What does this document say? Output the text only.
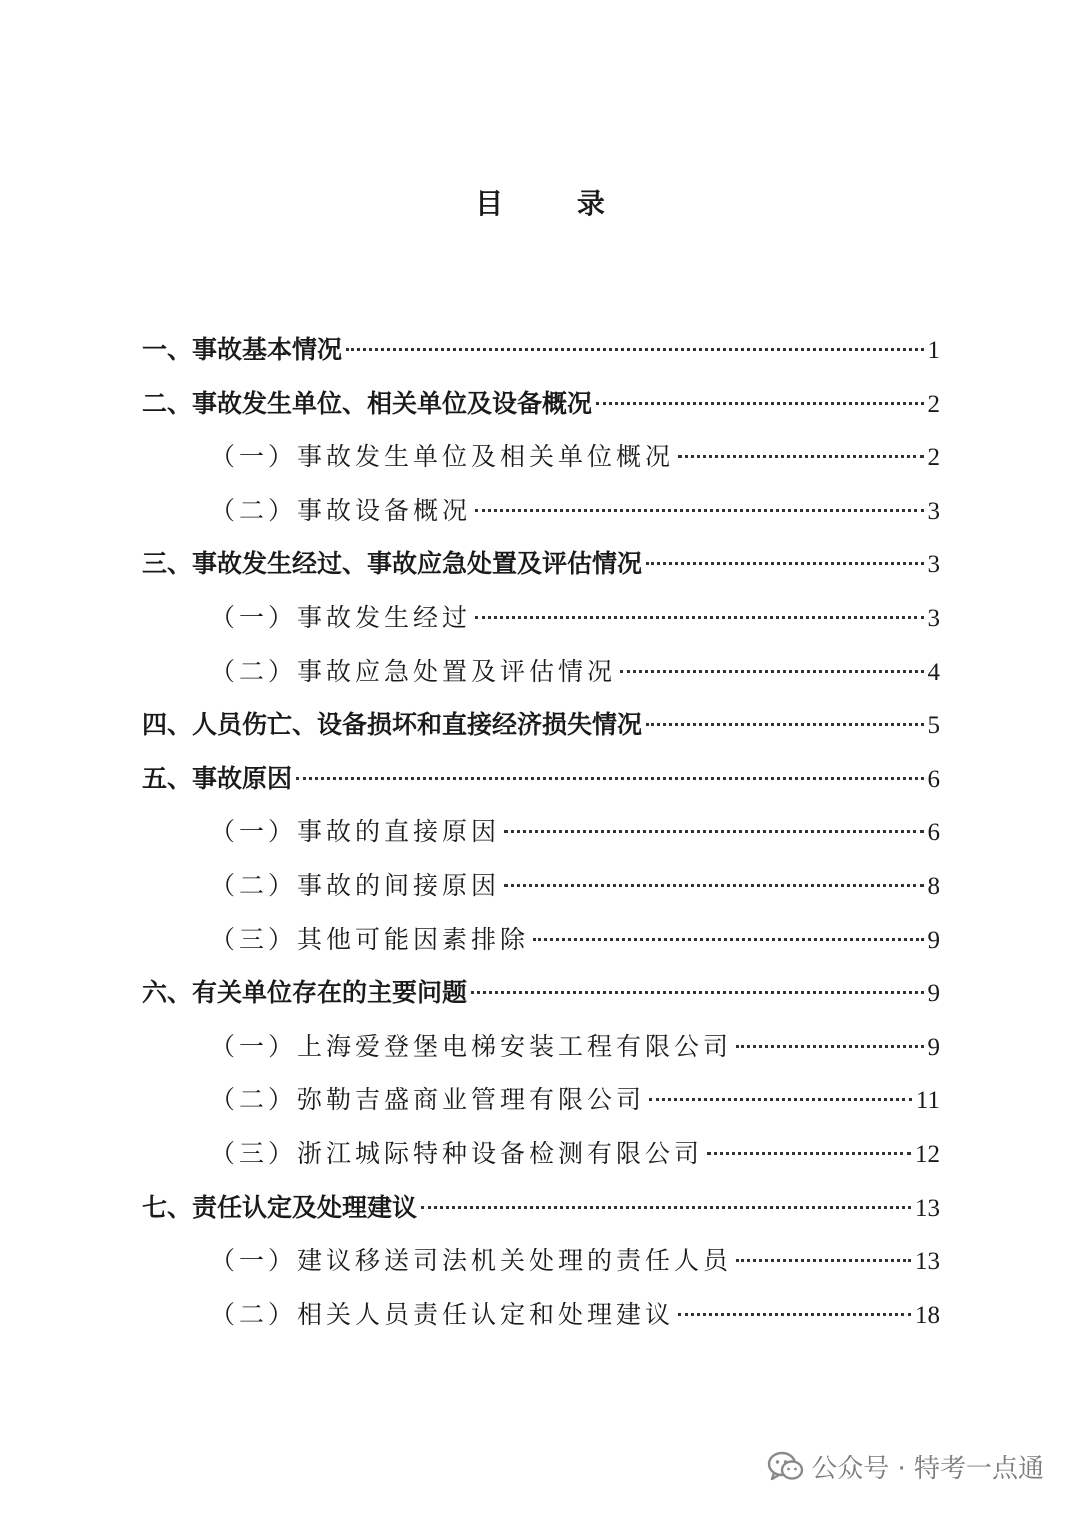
目 录
一、事故基本情况	1
二、事故发生单位、相关单位及设备概况	2
（一）事故发生单位及相关单位概况	2
（二）事故设备概况	3
三、事故发生经过、事故应急处置及评估情况	3
（一）事故发生经过	3
（二）事故应急处置及评估情况	4
四、人员伤亡、设备损坏和直接经济损失情况	5
五、事故原因	6
（一）事故的直接原因	6
（二）事故的间接原因	8
（三）其他可能因素排除	9
六、有关单位存在的主要问题	9
（一）上海爱登堡电梯安装工程有限公司	9
（二）弥勒吉盛商业管理有限公司	11
（三）浙江城际特种设备检测有限公司	12
七、责任认定及处理建议	13
（一）建议移送司法机关处理的责任人员	13
（二）相关人员责任认定和处理建议	18
公众号 · 特考一点通
